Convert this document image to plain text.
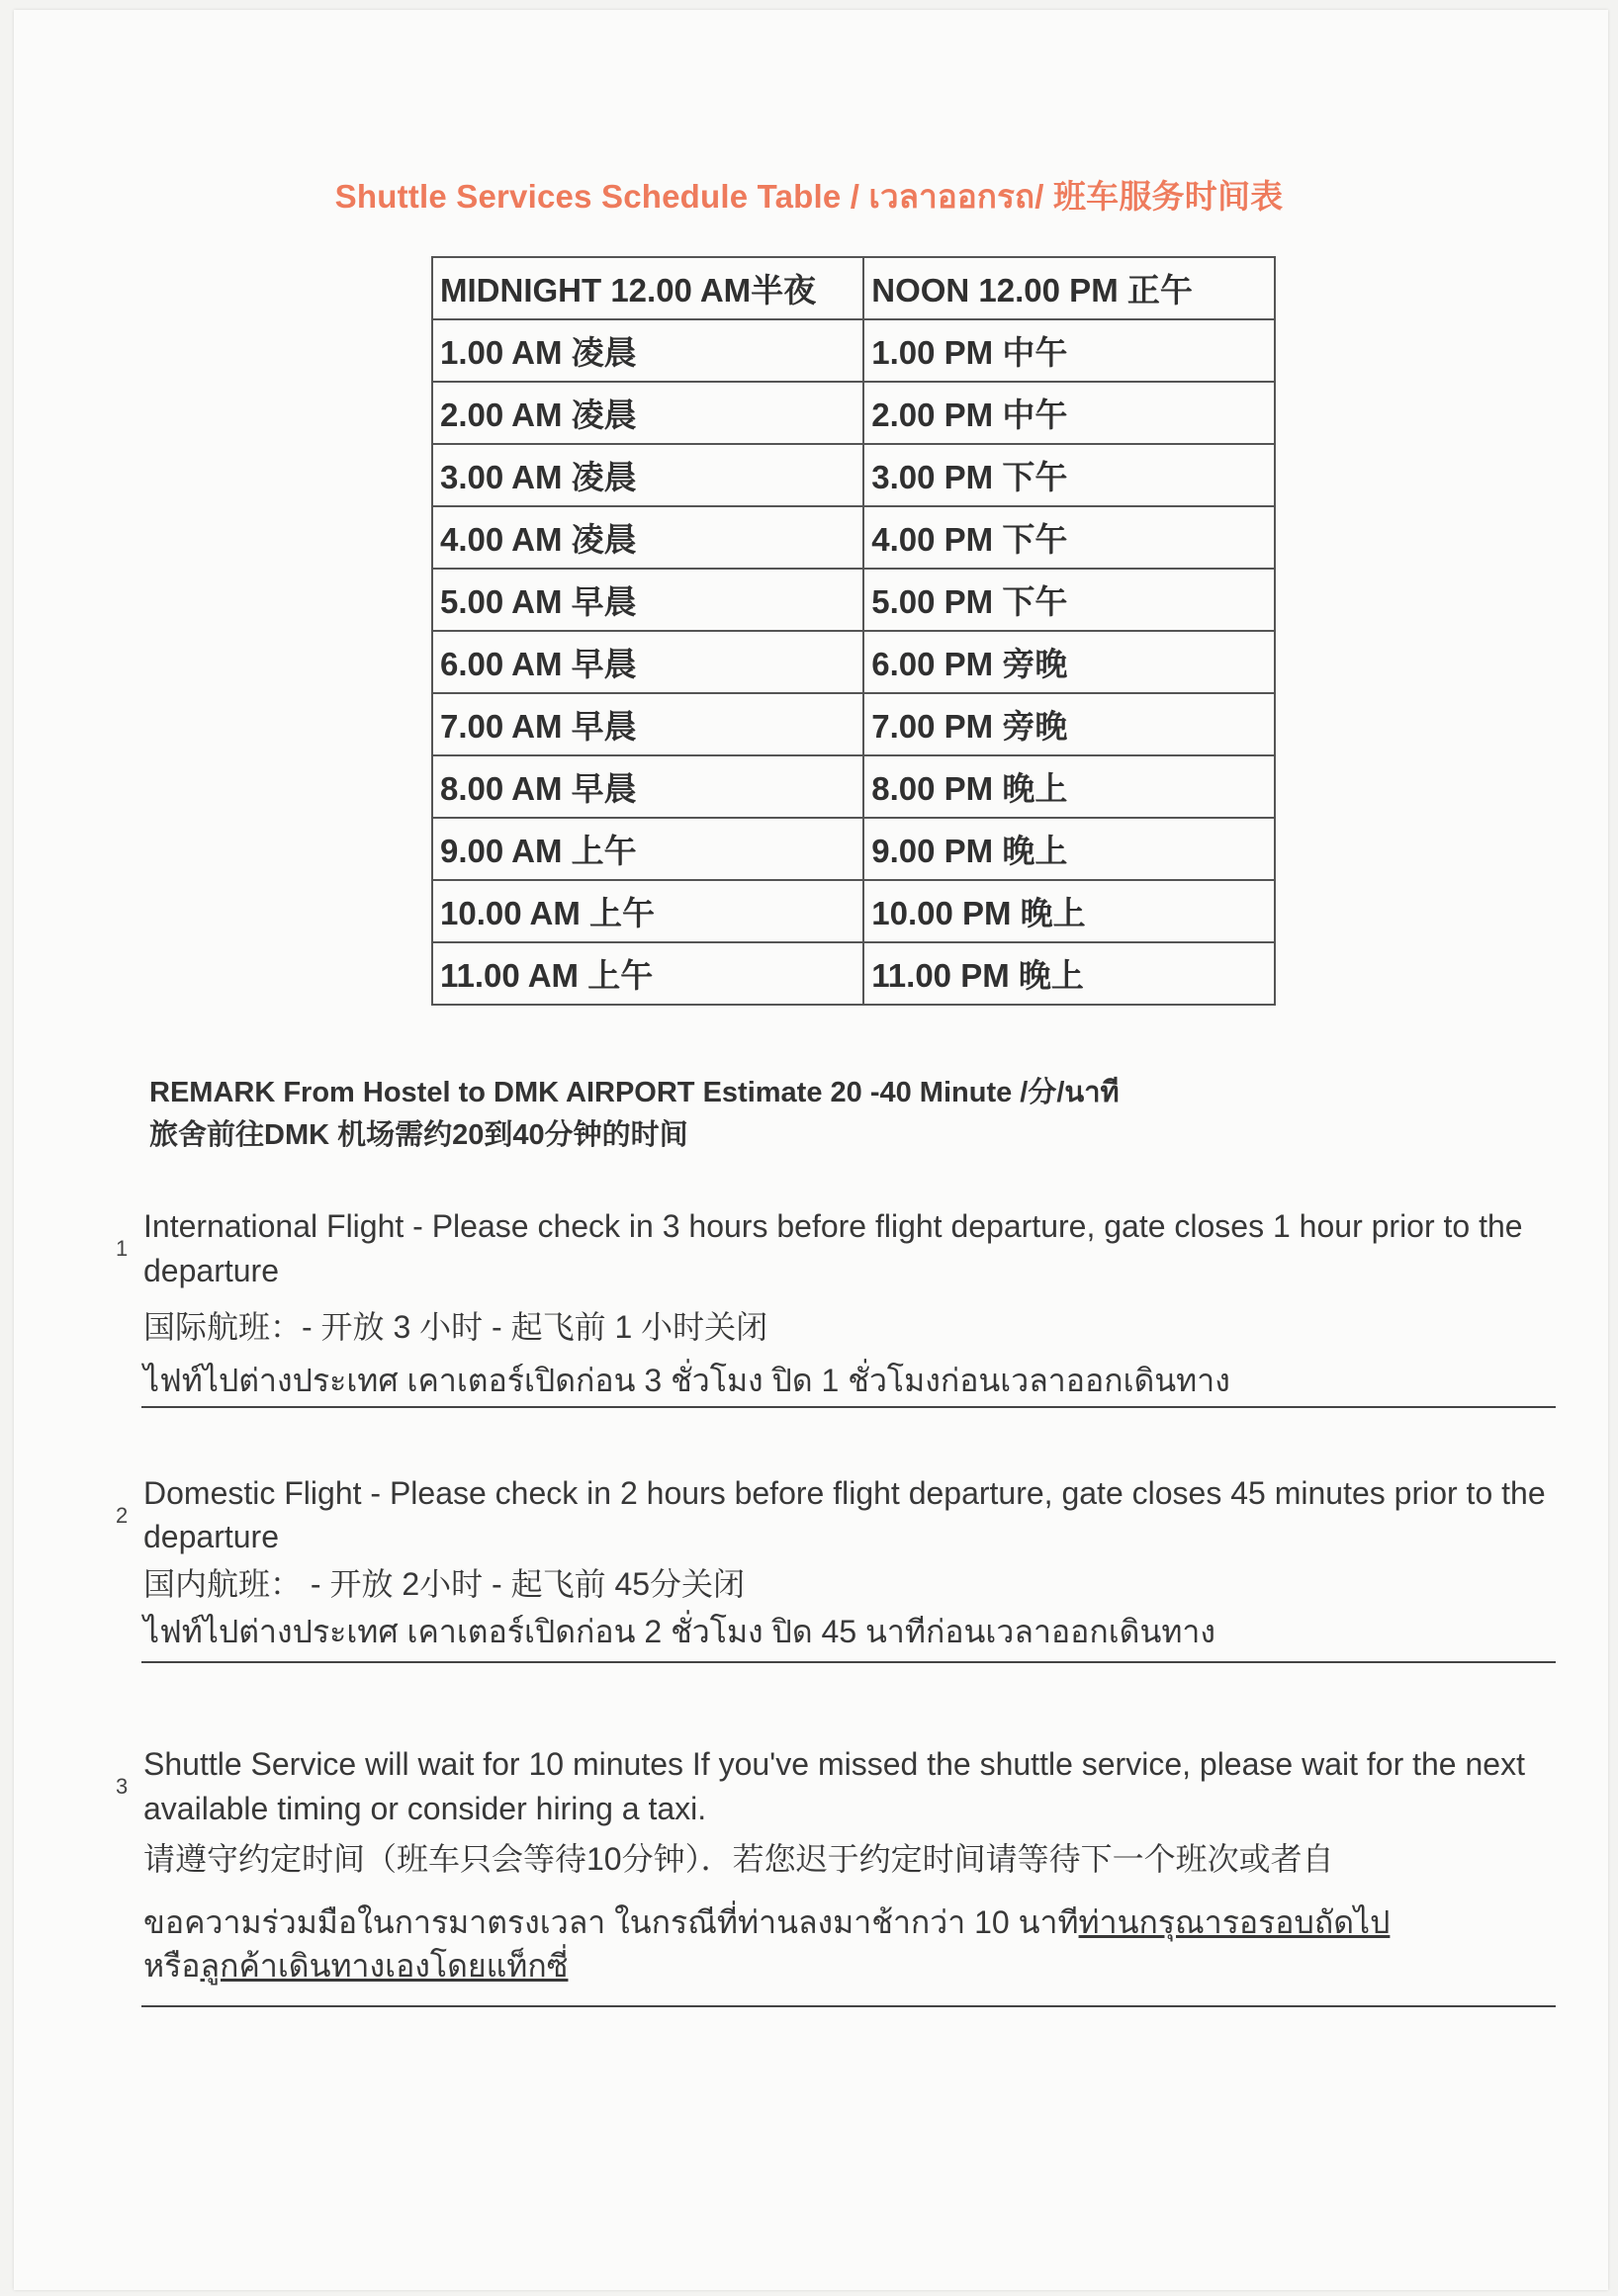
Shuttle Services Schedule Table / เวลาออกรถ/ 班车服务时间表
MIDNIGHT 12.00 AM半夜	NOON 12.00 PM 正午
1.00 AM 凌晨	1.00 PM 中午
2.00 AM 凌晨	2.00 PM 中午
3.00 AM 凌晨	3.00 PM 下午
4.00 AM 凌晨	4.00 PM 下午
5.00 AM 早晨	5.00 PM 下午
6.00 AM 早晨	6.00 PM 旁晚
7.00 AM 早晨	7.00 PM 旁晚
8.00 AM 早晨	8.00 PM 晚上
9.00 AM 上午	9.00 PM 晚上
10.00 AM 上午	10.00 PM 晚上
11.00 AM 上午	11.00 PM 晚上
REMARK From Hostel to DMK AIRPORT Estimate 20 -40 Minute /分/นาที
旅舍前往DMK 机场需约20到40分钟的时间
1

International Flight - Please check in 3 hours before flight departure, gate closes 1 hour prior to the departure

国际航班：- 开放 3 小时 - 起飞前 1 小时关闭

ไฟท์ไปต่างประเทศ เคาเตอร์เปิดก่อน 3 ชั่วโมง ปิด 1 ชั่วโมงก่อนเวลาออกเดินทาง

2

Domestic Flight - Please check in 2 hours before flight departure, gate closes 45 minutes prior to the departure

国内航班： - 开放 2小时 - 起飞前 45分关闭

ไฟท์ไปต่างประเทศ เคาเตอร์เปิดก่อน 2 ชั่วโมง ปิด 45 นาทีก่อนเวลาออกเดินทาง

3

Shuttle Service will wait for 10 minutes If you've missed the shuttle service, please wait for the next available timing or consider hiring a taxi.

请遵守约定时间（班车只会等待10分钟）．若您迟于约定时间请等待下一个班次或者自

ขอความร่วมมือในการมาตรงเวลา ในกรณีที่ท่านลงมาช้ากว่า 10 นาทีท่านกรุณารอรอบถัดไป
หรือลูกค้าเดินทางเองโดยแท็กซี่
